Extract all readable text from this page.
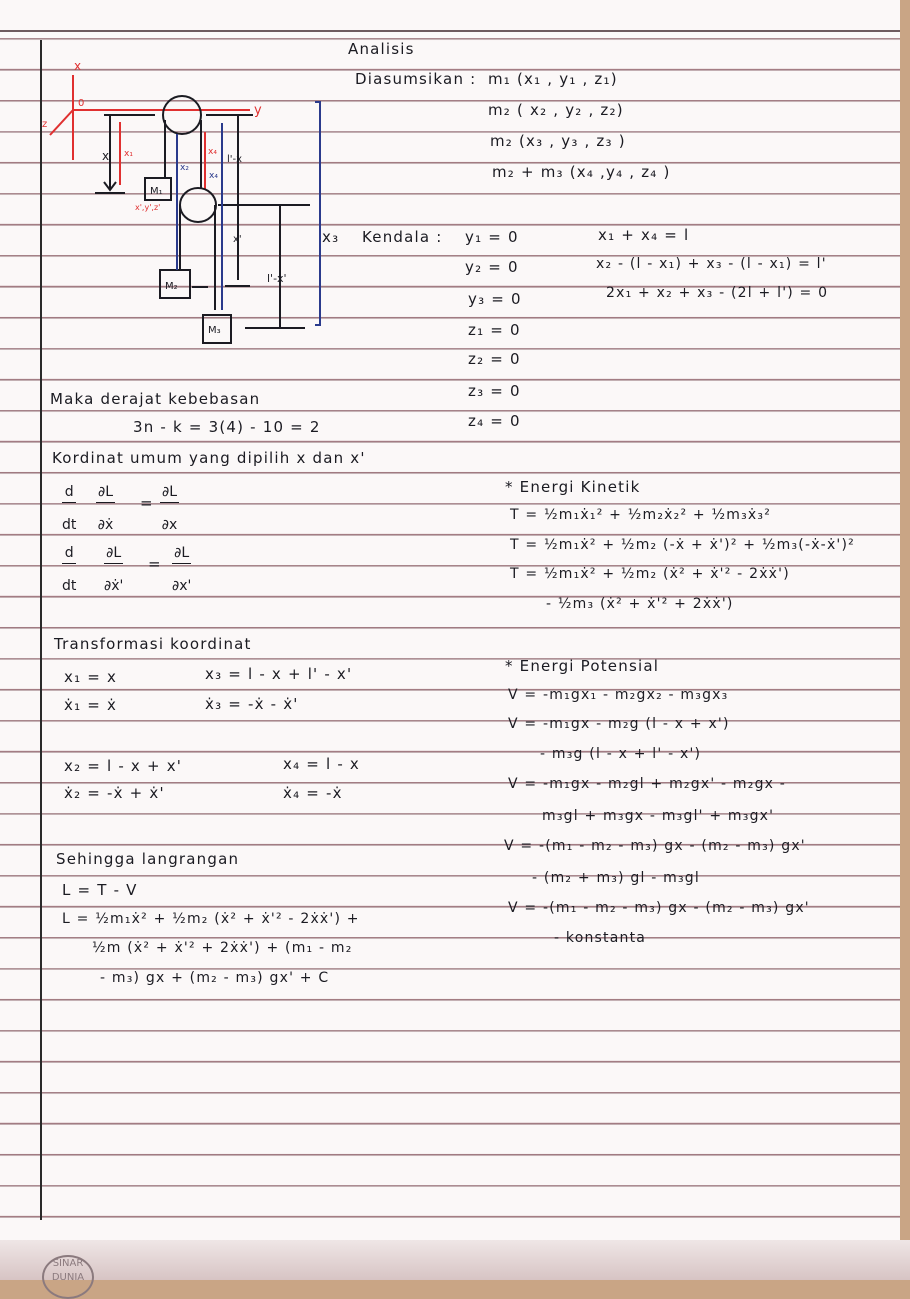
x
0	y
z
x₁	x₄
x',y',z'
x₂
x₄
x	l'-x
x'
l'-x'
M₁
M₂
M₃
Analisis
Diasumsikan : m₁ (x₁ , y₁ , z₁)
m₂ ( x₂ , y₂ , z₂)
m₂ (x₃ , y₃ , z₃ )
m₂ + m₃ (x₄ ,y₄ , z₄ )
x₃ Kendala : y₁ = 0
y₂ = 0
y₃ = 0
z₁ = 0
z₂ = 0
z₃ = 0
z₄ = 0
x₁ + x₄ = l
x₂ - (l - x₁) + x₃ - (l - x₁) = l'
2x₁ + x₂ + x₃ - (2l + l') = 0
Maka derajat kebebasan
3n - k = 3(4) - 10 = 2
Kordinat umum yang dipilih x dan x'
$\frac{d}{dt} \frac{\partial L}{\text{∂ẋ}} = \frac{\partial L}{\partial x}$
$\frac{d}{dt} \frac{\partial L}{\text{∂ẋ'}} = \frac{\partial L}{\partial x'}$
* Energi Kinetik
T = ½m₁ẋ₁² + ½m₂ẋ₂² + ½m₃ẋ₃²
T = ½m₁ẋ² + ½m₂ (-ẋ + ẋ')² + ½m₃(-ẋ-ẋ')²
T = ½m₁ẋ² + ½m₂ (ẋ² + ẋ'² - 2ẋẋ')
- ½m₃ (ẋ² + ẋ'² + 2ẋẋ')
Transformasi koordinat
x₁ = x
ẋ₁ = ẋ
x₂ = l - x + x'
ẋ₂ = -ẋ + ẋ'
x₃ = l - x + l' - x'
ẋ₃ = -ẋ - ẋ'
x₄ = l - x
ẋ₄ = -ẋ
* Energi Potensial
V = -m₁gx₁ - m₂gx₂ - m₃gx₃
V = -m₁gx - m₂g (l - x + x')
- m₃g (l - x + l' - x')
V = -m₁gx - m₂gl + m₂gx' - m₂gx -
m₃gl + m₃gx - m₃gl' + m₃gx'
V = -(m₁ - m₂ - m₃) gx - (m₂ - m₃) gx'
- (m₂ + m₃) gl - m₃gl
V = -(m₁ - m₂ - m₃) gx - (m₂ - m₃) gx'
- konstanta
Sehingga langrangan
L = T - V
L = ½m₁ẋ² + ½m₂ (ẋ² + ẋ'² - 2ẋẋ') +
½m (ẋ² + ẋ'² + 2ẋẋ') + (m₁ - m₂
- m₃) gx + (m₂ - m₃) gx' + C
SINAR DUNIA
